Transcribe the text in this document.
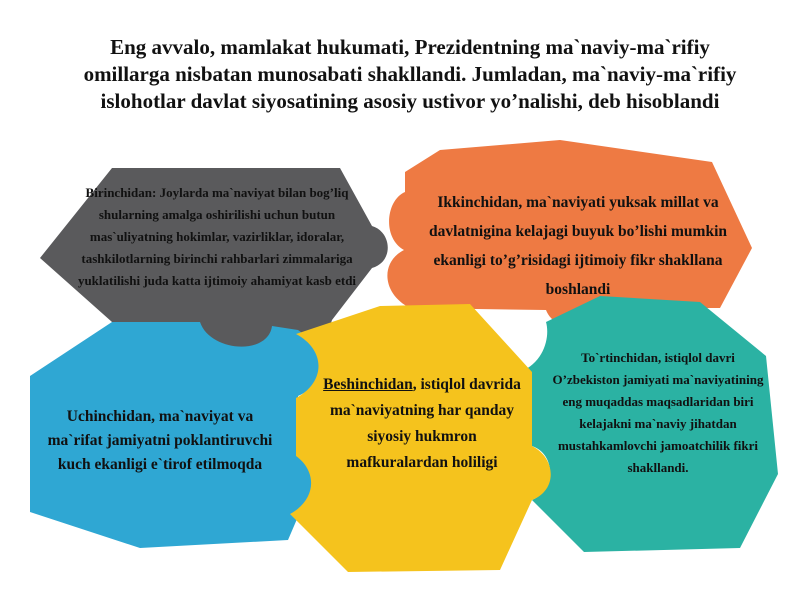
Eng avvalo, mamlakat hukumati, Prezidentning ma`naviy-ma`rifiy omillarga nisbatan munosabati shakllandi. Jumladan, ma`naviy-ma`rifiy islohotlar davlat siyosatining asosiy ustivor yo’nalishi, deb hisoblandi
Birinchidan: Joylarda ma`naviyat bilan bog’liq shularning amalga oshirilishi uchun butun mas`uliyatning hokimlar, vazirliklar, idoralar, tashkilotlarning birinchi rahbarlari zimmalariga yuklatilishi juda katta ijtimoiy ahamiyat kasb etdi
Ikkinchidan, ma`naviyati yuksak millat va davlatnigina kelajagi buyuk bo’lishi mumkin ekanligi to’g’risidagi ijtimoiy fikr shakllana boshlandi
Uchinchidan, ma`naviyat va ma`rifat jamiyatni poklantiruvchi kuch ekanligi e`tirof etilmoqda
Beshinchidan, istiqlol davrida ma`naviyatning har qanday siyosiy hukmron mafkuralardan holiligi
To`rtinchidan, istiqlol davri O’zbekiston jamiyati ma`naviyatining eng muqaddas maqsadlaridan biri kelajakni ma`naviy jihatdan mustahkamlovchi jamoatchilik fikri shakllandi.
